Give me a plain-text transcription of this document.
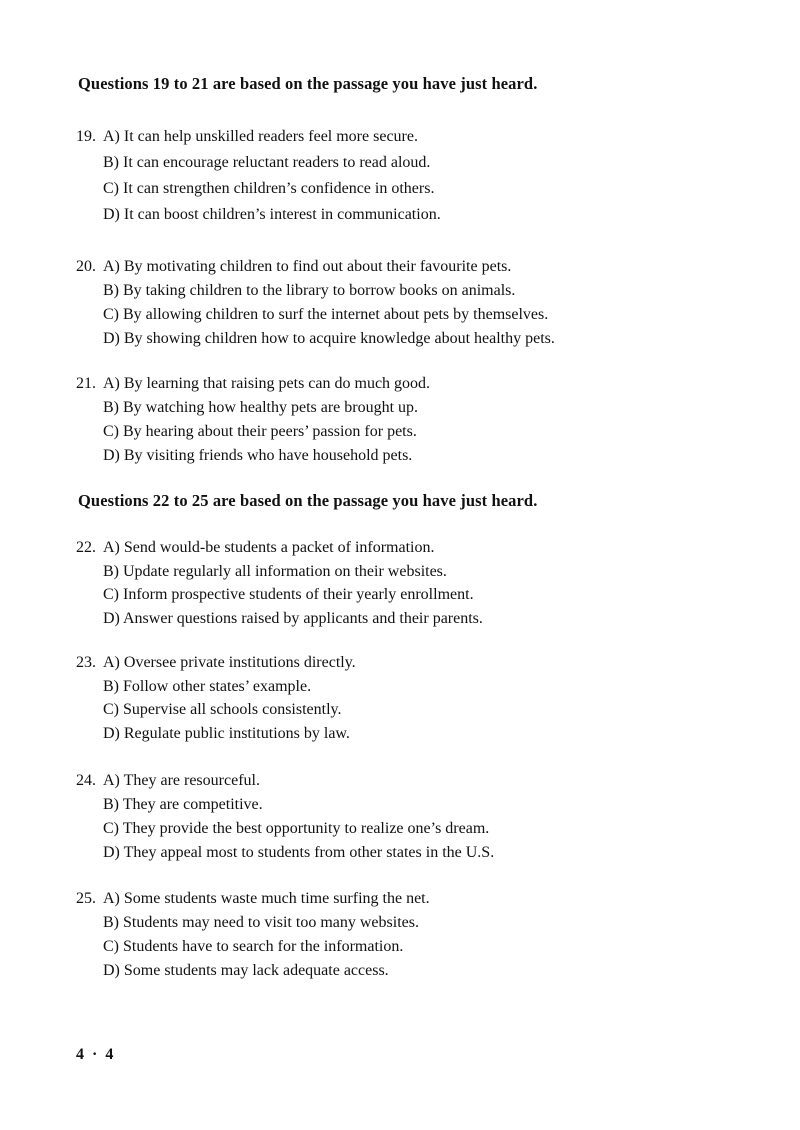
Questions 19 to 21 are based on the passage you have just heard.
19. A) It can help unskilled readers feel more secure.
B) It can encourage reluctant readers to read aloud.
C) It can strengthen children’s confidence in others.
D) It can boost children’s interest in communication.
20. A) By motivating children to find out about their favourite pets.
B) By taking children to the library to borrow books on animals.
C) By allowing children to surf the internet about pets by themselves.
D) By showing children how to acquire knowledge about healthy pets.
21. A) By learning that raising pets can do much good.
B) By watching how healthy pets are brought up.
C) By hearing about their peers’ passion for pets.
D) By visiting friends who have household pets.
Questions 22 to 25 are based on the passage you have just heard.
22. A) Send would-be students a packet of information.
B) Update regularly all information on their websites.
C) Inform prospective students of their yearly enrollment.
D) Answer questions raised by applicants and their parents.
23. A) Oversee private institutions directly.
B) Follow other states’ example.
C) Supervise all schools consistently.
D) Regulate public institutions by law.
24. A) They are resourceful.
B) They are competitive.
C) They provide the best opportunity to realize one’s dream.
D) They appeal most to students from other states in the U.S.
25. A) Some students waste much time surfing the net.
B) Students may need to visit too many websites.
C) Students have to search for the information.
D) Some students may lack adequate access.
4 · 4
